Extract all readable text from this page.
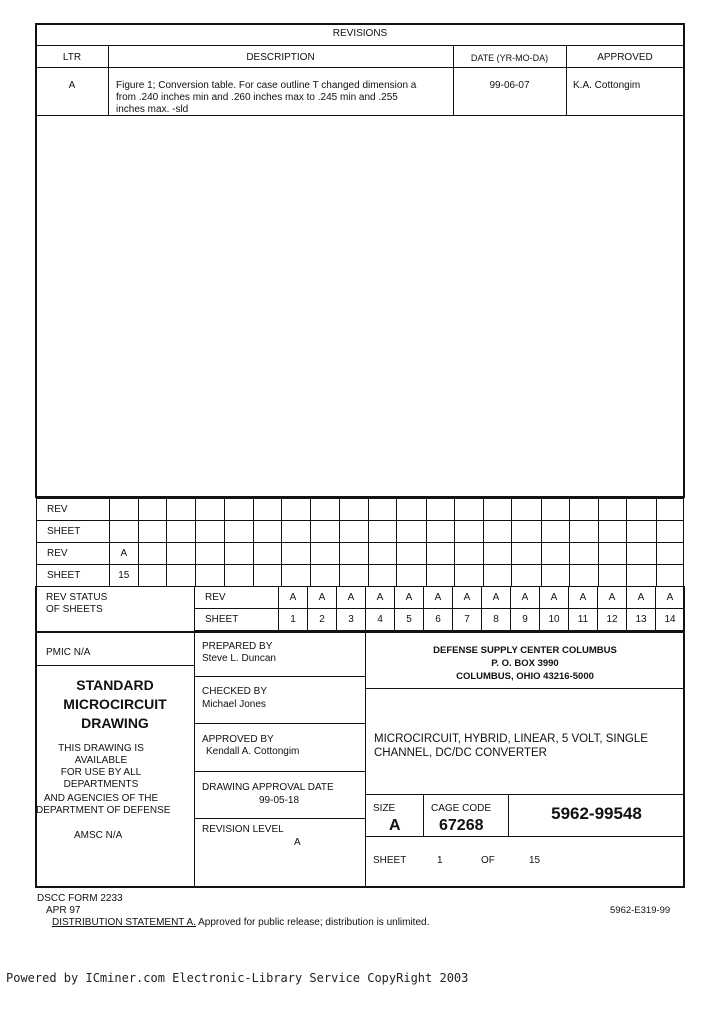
REVISIONS
LTR	DESCRIPTION	DATE (YR-MO-DA)	APPROVED
A	Figure 1; Conversion table. For case outline T changed dimension a
from .240 inches min and .260 inches max to .245 min and .255
inches max. -sld
99-06-07	K.A. Cottongim
REV																				
SHEET																				
REV	A																			
SHEET	15																			
REV STATUS
OF SHEETS
REV	A	A	A	A	A	A	A	A	A	A	A	A	A	A
SHEET	1	2	3	4	5	6	7	8	9	10	11	12	13	14
PMIC N/A
STANDARD
MICROCIRCUIT
DRAWING
THIS DRAWING IS
AVAILABLE
FOR USE BY ALL
DEPARTMENTS
AND AGENCIES OF THE
DEPARTMENT OF DEFENSE
AMSC N/A
PREPARED BY
Steve L. Duncan
CHECKED BY
Michael Jones
APPROVED BY
Kendall A. Cottongim
DRAWING APPROVAL DATE
99-05-18
REVISION LEVEL
A
DEFENSE SUPPLY CENTER COLUMBUS
P. O. BOX 3990
COLUMBUS, OHIO 43216-5000
MICROCIRCUIT, HYBRID, LINEAR, 5 VOLT, SINGLE
CHANNEL, DC/DC CONVERTER
SIZE
A
CAGE CODE
67268
5962-99548
SHEET	1	OF	15
DSCC FORM 2233
APR 97
DISTRIBUTION STATEMENT A. Approved for public release; distribution is unlimited.
5962-E319-99
Powered by ICminer.com Electronic-Library Service CopyRight 2003
